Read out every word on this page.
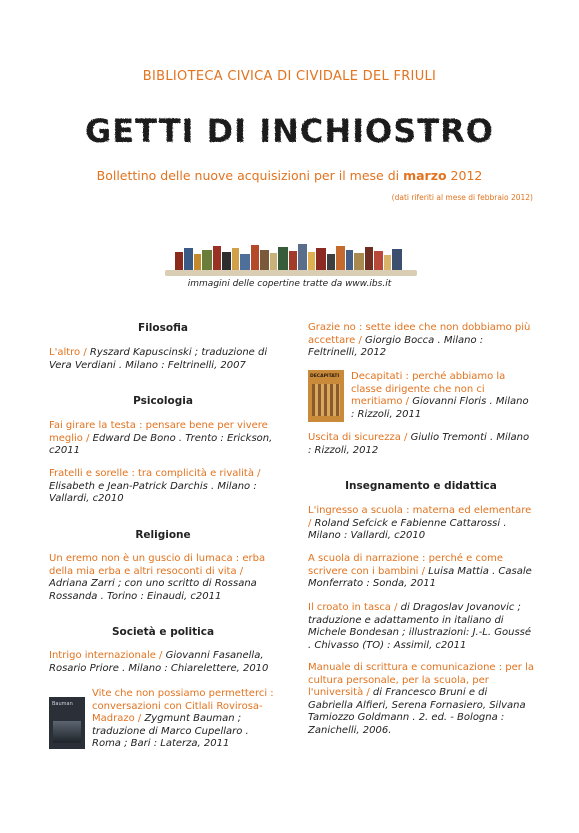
BIBLIOTECA CIVICA DI CIVIDALE DEL FRIULI
GETTI DI INCHIOSTRO
Bollettino delle nuove acquisizioni per il mese di marzo 2012
(dati riferiti al mese di febbraio 2012)
immagini delle copertine tratte da www.ibs.it

Filosofia

L'altro / Ryszard Kapuscinski ; traduzione di Vera Verdiani . Milano : Feltrinelli, 2007

Psicologia

Fai girare la testa : pensare bene per vivere meglio / Edward De Bono . Trento : Erickson, c2011

Fratelli e sorelle : tra complicità e rivalità / Elisabeth e Jean-Patrick Darchis . Milano : Vallardi, c2010

Religione

Un eremo non è un guscio di lumaca : erba della mia erba e altri resoconti di vita / Adriana Zarri ; con uno scritto di Rossana Rossanda . Torino : Einaudi, c2011

Società e politica

Intrigo internazionale / Giovanni Fasanella, Rosario Priore . Milano : Chiarelettere, 2010

Bauman

Vite che non possiamo permetterci : conversazioni con Citlali Rovirosa-Madrazo / Zygmunt Bauman ; traduzione di Marco Cupellaro . Roma ; Bari : Laterza, 2011

Grazie no : sette idee che non dobbiamo più accettare / Giorgio Bocca . Milano : Feltrinelli, 2012

DECAPITATI Decapitati : perché abbiamo la classe dirigente che non ci meritiamo / Giovanni Floris . Milano : Rizzoli, 2011

Uscita di sicurezza / Giulio Tremonti . Milano : Rizzoli, 2012

Insegnamento e didattica

L'ingresso a scuola : materna ed elementare / Roland Sefcick e Fabienne Cattarossi . Milano : Vallardi, c2010

A scuola di narrazione : perché e come scrivere con i bambini / Luisa Mattia . Casale Monferrato : Sonda, 2011

Il croato in tasca / di Dragoslav Jovanovic ; traduzione e adattamento in italiano di Michele Bondesan ; illustrazioni: J.-L. Goussé . Chivasso (TO) : Assimil, c2011

Manuale di scrittura e comunicazione : per la cultura personale, per la scuola, per l'università / di Francesco Bruni e di Gabriella Alfieri, Serena Fornasiero, Silvana Tamiozzo Goldmann . 2. ed. - Bologna : Zanichelli, 2006.
